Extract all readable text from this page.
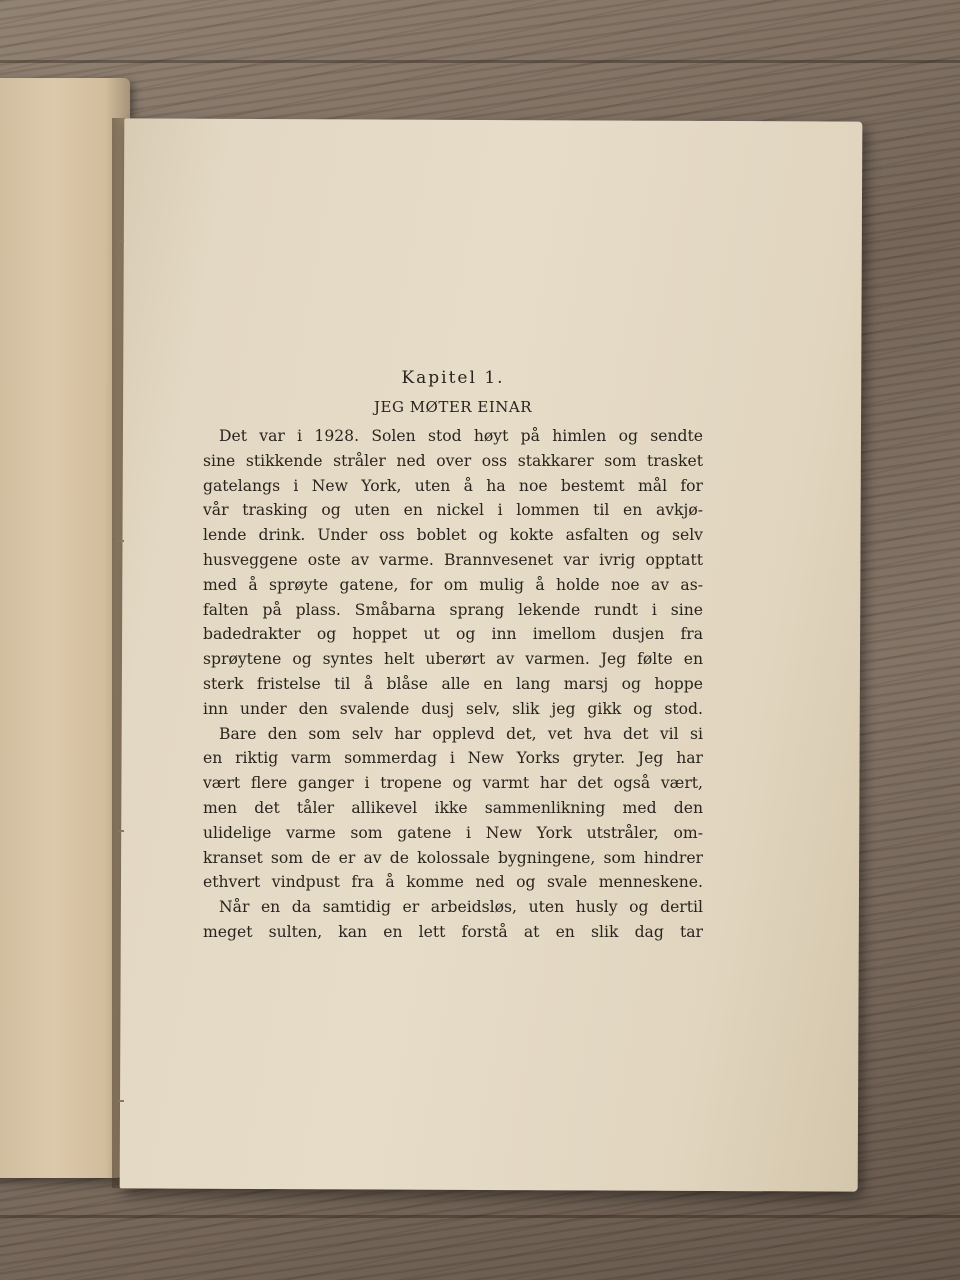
Kapitel 1.
JEG MØTER EINAR
Det var i 1928. Solen stod høyt på himlen og sendte
sine stikkende stråler ned over oss stakkarer som trasket
gatelangs i New York, uten å ha noe bestemt mål for
vår trasking og uten en nickel i lommen til en avkjø-
lende drink. Under oss boblet og kokte asfalten og selv
husveggene oste av varme. Brannvesenet var ivrig opptatt
med å sprøyte gatene, for om mulig å holde noe av as-
falten på plass. Småbarna sprang lekende rundt i sine
badedrakter og hoppet ut og inn imellom dusjen fra
sprøytene og syntes helt uberørt av varmen. Jeg følte en
sterk fristelse til å blåse alle en lang marsj og hoppe
inn under den svalende dusj selv, slik jeg gikk og stod.
Bare den som selv har opplevd det, vet hva det vil si
en riktig varm sommerdag i New Yorks gryter. Jeg har
vært flere ganger i tropene og varmt har det også vært,
men det tåler allikevel ikke sammenlikning med den
ulidelige varme som gatene i New York utstråler, om-
kranset som de er av de kolossale bygningene, som hindrer
ethvert vindpust fra å komme ned og svale menneskene.
Når en da samtidig er arbeidsløs, uten husly og dertil
meget sulten, kan en lett forstå at en slik dag tar
